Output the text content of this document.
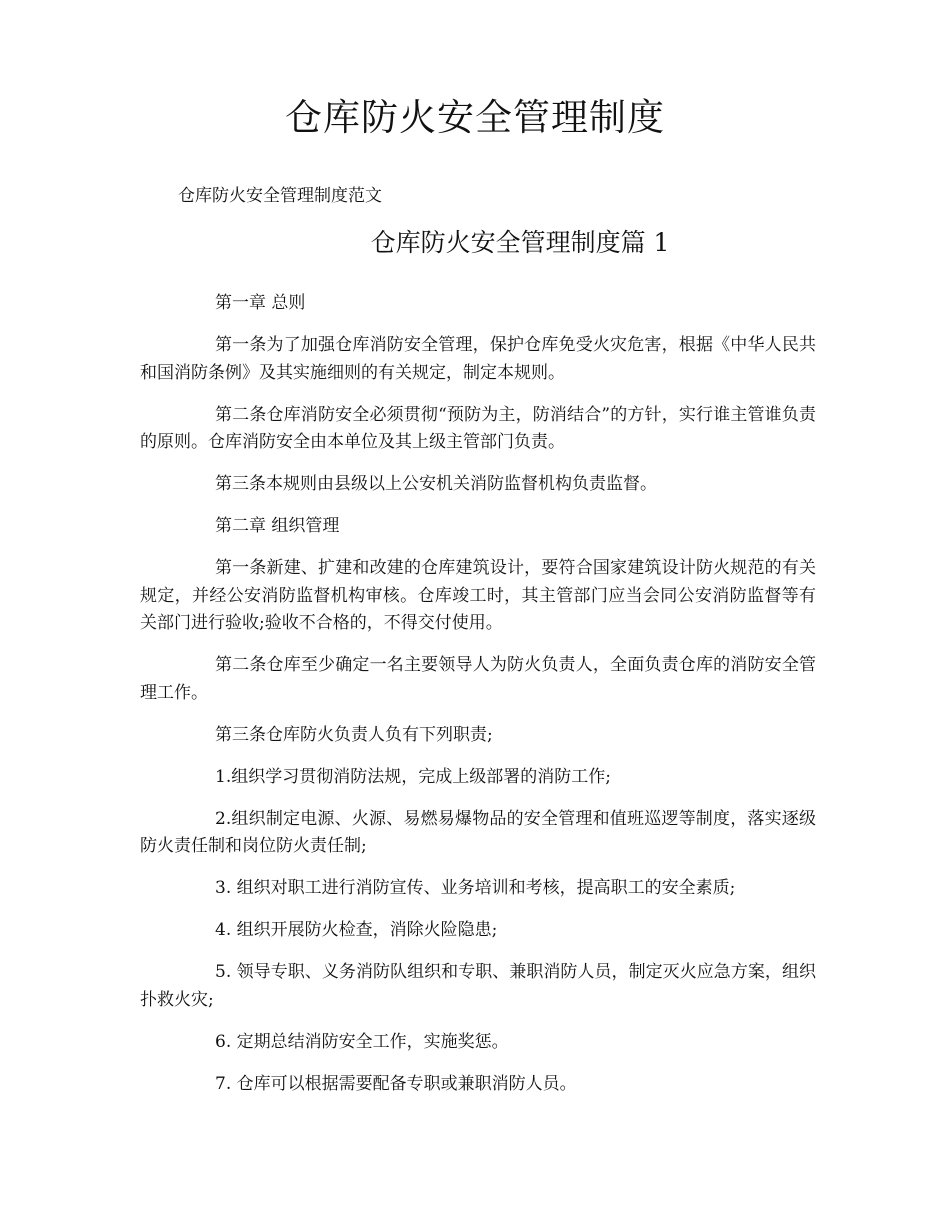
仓库防火安全管理制度
仓库防火安全管理制度范文
仓库防火安全管理制度篇 1

第一章 总则

第一条为了加强仓库消防安全管理，保护仓库免受火灾危害，根据《中华人民共和国消防条例》及其实施细则的有关规定，制定本规则。

第二条仓库消防安全必须贯彻“预防为主，防消结合”的方针，实行谁主管谁负责的原则。仓库消防安全由本单位及其上级主管部门负责。

第三条本规则由县级以上公安机关消防监督机构负责监督。

第二章 组织管理

第一条新建、扩建和改建的仓库建筑设计，要符合国家建筑设计防火规范的有关规定，并经公安消防监督机构审核。仓库竣工时，其主管部门应当会同公安消防监督等有关部门进行验收;验收不合格的，不得交付使用。

第二条仓库至少确定一名主要领导人为防火负责人，全面负责仓库的消防安全管理工作。

第三条仓库防火负责人负有下列职责;

1.组织学习贯彻消防法规，完成上级部署的消防工作;

2.组织制定电源、火源、易燃易爆物品的安全管理和值班巡逻等制度，落实逐级防火责任制和岗位防火责任制;

3. 组织对职工进行消防宣传、业务培训和考核，提高职工的安全素质;

4. 组织开展防火检查，消除火险隐患;

5. 领导专职、义务消防队组织和专职、兼职消防人员，制定灭火应急方案，组织扑救火灾;

6. 定期总结消防安全工作，实施奖惩。

7. 仓库可以根据需要配备专职或兼职消防人员。
